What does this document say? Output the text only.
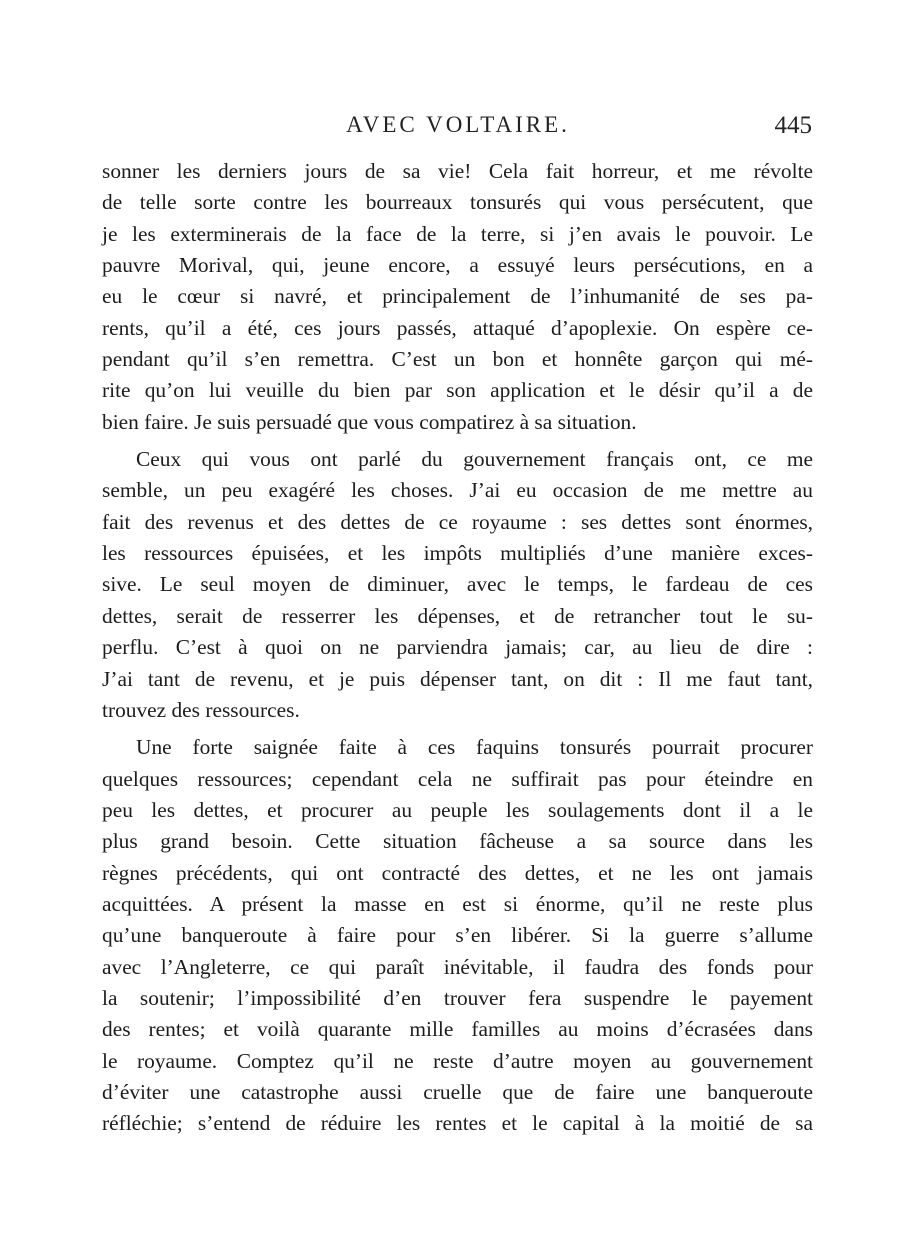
AVEC VOLTAIRE.	445
sonner les derniers jours de sa vie! Cela fait horreur, et me révolte
de telle sorte contre les bourreaux tonsurés qui vous persécutent, que
je les exterminerais de la face de la terre, si j’en avais le pouvoir. Le
pauvre Morival, qui, jeune encore, a essuyé leurs persécutions, en a
eu le cœur si navré, et principalement de l’inhumanité de ses pa-
rents, qu’il a été, ces jours passés, attaqué d’apoplexie. On espère ce-
pendant qu’il s’en remettra. C’est un bon et honnête garçon qui mé-
rite qu’on lui veuille du bien par son application et le désir qu’il a de
bien faire. Je suis persuadé que vous compatirez à sa situation.
Ceux qui vous ont parlé du gouvernement français ont, ce me
semble, un peu exagéré les choses. J’ai eu occasion de me mettre au
fait des revenus et des dettes de ce royaume : ses dettes sont énormes,
les ressources épuisées, et les impôts multipliés d’une manière exces-
sive. Le seul moyen de diminuer, avec le temps, le fardeau de ces
dettes, serait de resserrer les dépenses, et de retrancher tout le su-
perflu. C’est à quoi on ne parviendra jamais; car, au lieu de dire :
J’ai tant de revenu, et je puis dépenser tant, on dit : Il me faut tant,
trouvez des ressources.
Une forte saignée faite à ces faquins tonsurés pourrait procurer
quelques ressources; cependant cela ne suffirait pas pour éteindre en
peu les dettes, et procurer au peuple les soulagements dont il a le
plus grand besoin. Cette situation fâcheuse a sa source dans les
règnes précédents, qui ont contracté des dettes, et ne les ont jamais
acquittées. A présent la masse en est si énorme, qu’il ne reste plus
qu’une banqueroute à faire pour s’en libérer. Si la guerre s’allume
avec l’Angleterre, ce qui paraît inévitable, il faudra des fonds pour
la soutenir; l’impossibilité d’en trouver fera suspendre le payement
des rentes; et voilà quarante mille familles au moins d’écrasées dans
le royaume. Comptez qu’il ne reste d’autre moyen au gouvernement
d’éviter une catastrophe aussi cruelle que de faire une banqueroute
réfléchie; s’entend de réduire les rentes et le capital à la moitié de sa
